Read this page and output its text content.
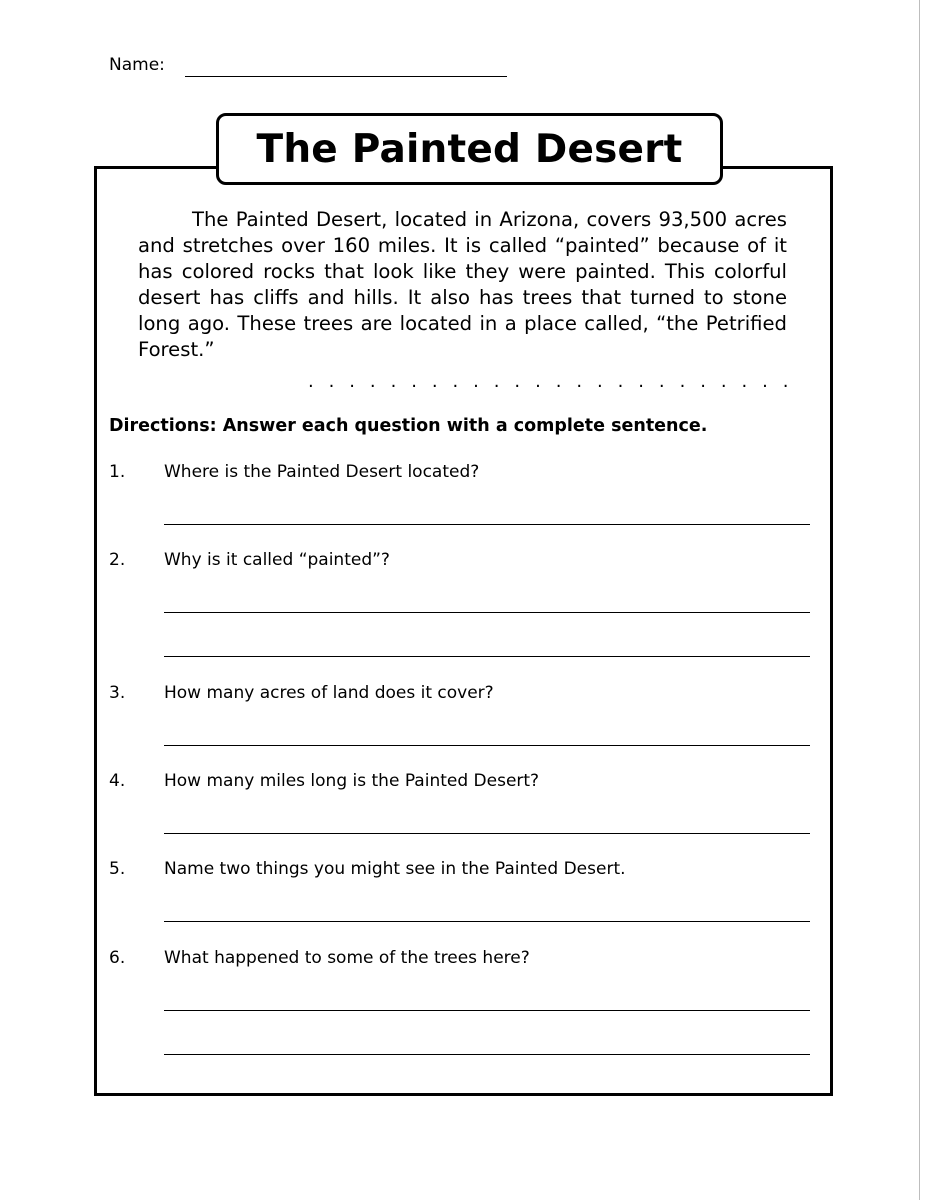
Name:
The Painted Desert

The Painted Desert, located in Arizona, covers 93,500 acres and stretches over 160 miles. It is called “painted” because of it has colored rocks that look like they were painted. This colorful desert has cliffs and hills. It also has trees that turned to stone long ago. These trees are located in a place called, “the Petrified Forest.”

. . . . . . . . . . . . . . . . . . . . . . . .
Directions: Answer each question with a complete sentence.
1. Where is the Painted Desert located?
2. Why is it called “painted”?
3. How many acres of land does it cover?
4. How many miles long is the Painted Desert?
5. Name two things you might see in the Painted Desert.
6. What happened to some of the trees here?
